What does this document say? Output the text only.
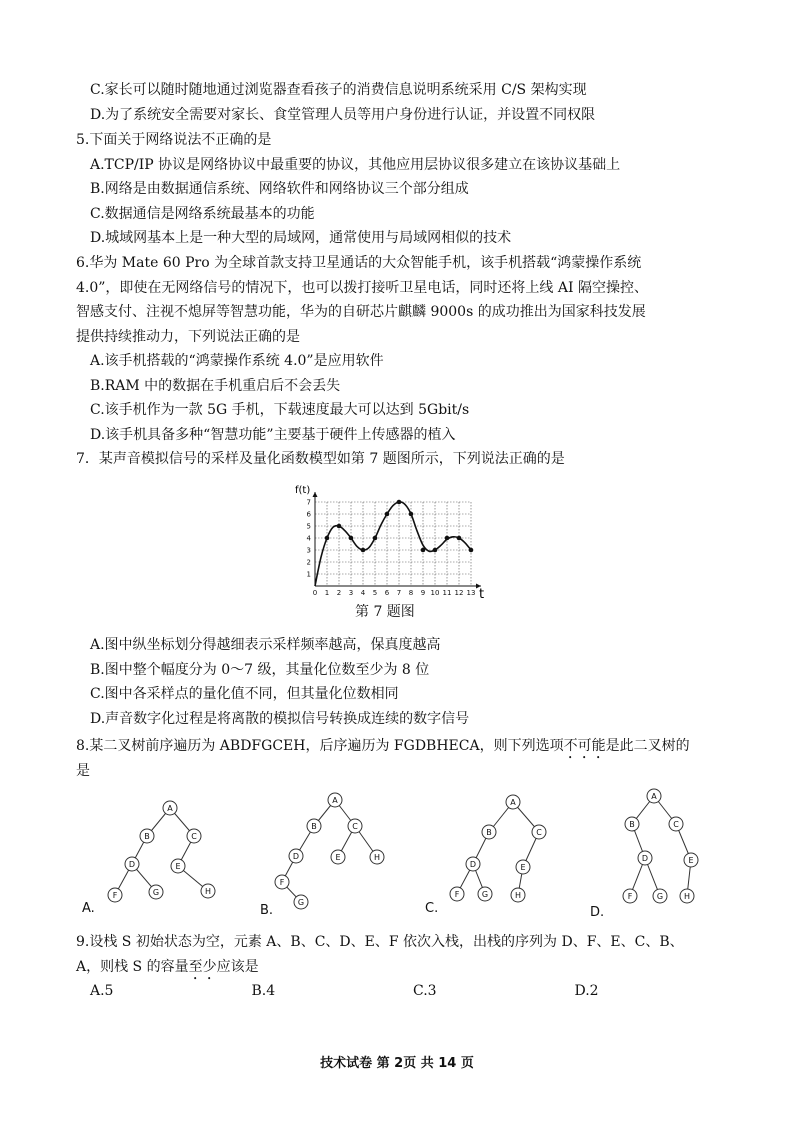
C.家长可以随时随地通过浏览器查看孩子的消费信息说明系统采用 C/S 架构实现
D.为了系统安全需要对家长、食堂管理人员等用户身份进行认证，并设置不同权限
5.下面关于网络说法不正确的是
A.TCP/IP 协议是网络协议中最重要的协议，其他应用层协议很多建立在该协议基础上
B.网络是由数据通信系统、网络软件和网络协议三个部分组成
C.数据通信是网络系统最基本的功能
D.城域网基本上是一种大型的局域网，通常使用与局域网相似的技术
6.华为 Mate 60 Pro 为全球首款支持卫星通话的大众智能手机，该手机搭载“鸿蒙操作系统
4.0”，即使在无网络信号的情况下，也可以拨打接听卫星电话，同时还将上线 AI 隔空操控、
智感支付、注视不熄屏等智慧功能，华为的自研芯片麒麟 9000s 的成功推出为国家科技发展
提供持续推动力，下列说法正确的是
A.该手机搭载的“鸿蒙操作系统 4.0”是应用软件
B.RAM 中的数据在手机重启后不会丢失
C.该手机作为一款 5G 手机，下载速度最大可以达到 5Gbit/s
D.该手机具备多种“智慧功能”主要基于硬件上传感器的植入
7．某声音模拟信号的采样及量化函数模型如第 7 题图所示，下列说法正确的是
0 1 2 3 4 5 6 7 8 9 10 11 12 13
1
2
3
4
5
6
7
f(t)
t
第 7 题图
A.图中纵坐标划分得越细表示采样频率越高，保真度越高
B.图中整个幅度分为 0～7 级，其量化位数至少为 8 位
C.图中各采样点的量化值不同，但其量化位数相同
D.声音数字化过程是将离散的模拟信号转换成连续的数字信号
8.某二叉树前序遍历为 ABDFGCEH，后序遍历为 FGDBHECA，则下列选项不可能是此二叉树的
是
A
B	C
D	E
F	G	H
A.
A
B	C
D	E	H
F
G
B.
A
B	C
D	E
F	G	H
C.
A
B	C
D	E
F	G	H
D.
9.设栈 S 初始状态为空，元素 A、B、C、D、E、F 依次入栈，出栈的序列为 D、F、E、C、B、
A，则栈 S 的容量至少应该是
A.5	B.4	C.3	D.2
技术试卷 第 2页 共 14 页
